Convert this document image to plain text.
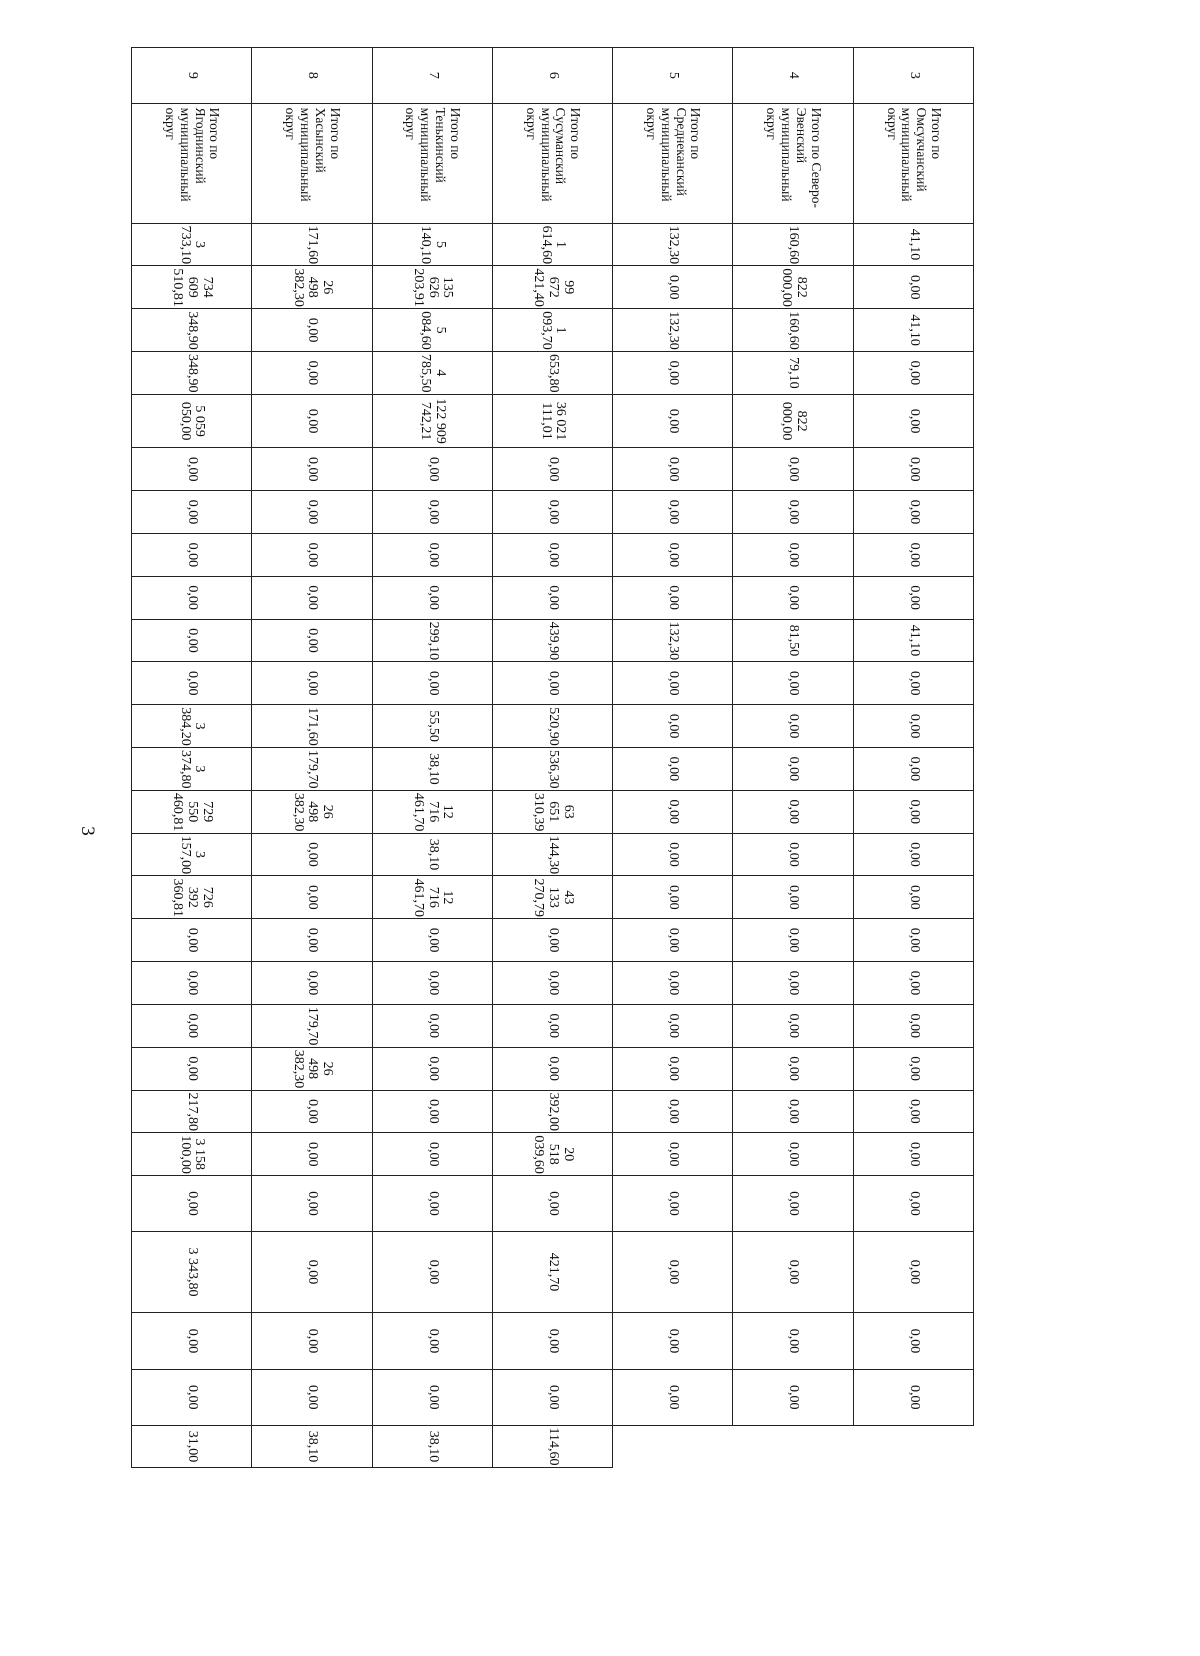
3
3	Итого по Омсукчанский муниципальный округ	41,10	0,00	41,10	0,00	0,00	0,00	0,00	0,00	0,00	41,10	0,00	0,00	0,00	0,00	0,00	0,00	0,00	0,00	0,00	0,00	0,00	0,00	0,00	0,00	0,00	0,00	
4	Итого по Северо-Эвенский муниципальный округ	160,60	822 000,00	160,60	79,10	822 000,00	0,00	0,00	0,00	0,00	81,50	0,00	0,00	0,00	0,00	0,00	0,00	0,00	0,00	0,00	0,00	0,00	0,00	0,00	0,00	0,00	0,00	
5	Итого по Среднеканский муниципальный округ	132,30	0,00	132,30	0,00	0,00	0,00	0,00	0,00	0,00	132,30	0,00	0,00	0,00	0,00	0,00	0,00	0,00	0,00	0,00	0,00	0,00	0,00	0,00	0,00	0,00	0,00	
6	Итого по Сусуманский муниципальный округ	1 614,60	99 672 421,40	1 093,70	653,80	36 021 111,01	0,00	0,00	0,00	0,00	439,90	0,00	520,90	536,30	63 651 310,39	144,30	43 133 270,79	0,00	0,00	0,00	0,00	392,00	20 518 039,60	0,00	421,70	0,00	0,00	114,60
7	Итого по Тенькинский муниципальный округ	5 140,10	135 626 203,91	5 084,60	4 785,50	122 909 742,21	0,00	0,00	0,00	0,00	299,10	0,00	55,50	38,10	12 716 461,70	38,10	12 716 461,70	0,00	0,00	0,00	0,00	0,00	0,00	0,00	0,00	0,00	0,00	38,10
8	Итого по Хасынский муниципальный округ	171,60	26 498 382,30	0,00	0,00	0,00	0,00	0,00	0,00	0,00	0,00	0,00	171,60	179,70	26 498 382,30	0,00	0,00	0,00	0,00	179,70	26 498 382,30	0,00	0,00	0,00	0,00	0,00	0,00	38,10
9	Итого по Ягоднинский муниципальный округ	3 733,10	734 609 510,81	348,90	348,90	5 059 050,00	0,00	0,00	0,00	0,00	0,00	0,00	3 384,20	3 374,80	729 550 460,81	3 157,00	726 392 360,81	0,00	0,00	0,00	0,00	217,80	3 158 100,00	0,00	3 343,80	0,00	0,00	31,00
